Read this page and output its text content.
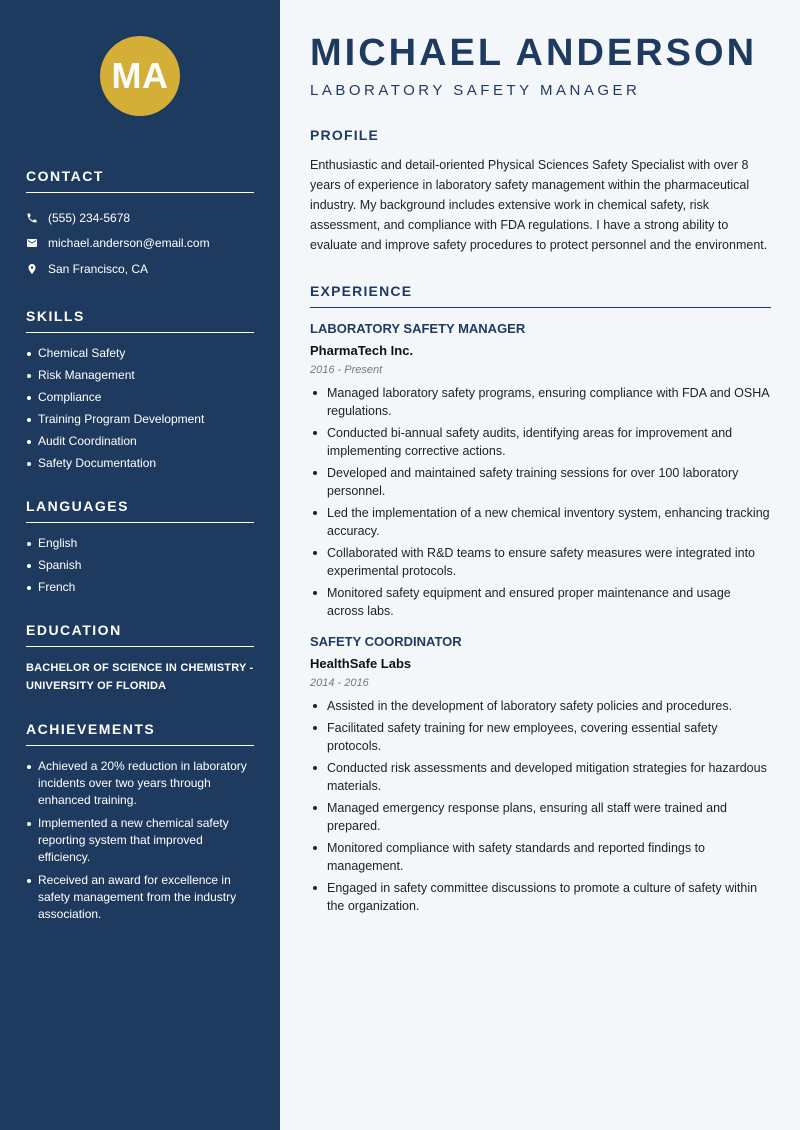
MA
CONTACT
(555) 234-5678
michael.anderson@email.com
San Francisco, CA
SKILLS
Chemical Safety
Risk Management
Compliance
Training Program Development
Audit Coordination
Safety Documentation
LANGUAGES
English
Spanish
French
EDUCATION
BACHELOR OF SCIENCE IN CHEMISTRY - UNIVERSITY OF FLORIDA
ACHIEVEMENTS
Achieved a 20% reduction in laboratory incidents over two years through enhanced training.
Implemented a new chemical safety reporting system that improved efficiency.
Received an award for excellence in safety management from the industry association.
MICHAEL ANDERSON
LABORATORY SAFETY MANAGER
PROFILE

Enthusiastic and detail-oriented Physical Sciences Safety Specialist with over 8 years of experience in laboratory safety management within the pharmaceutical industry. My background includes extensive work in chemical safety, risk assessment, and compliance with FDA regulations. I have a strong ability to evaluate and improve safety procedures to protect personnel and the environment.

EXPERIENCE
LABORATORY SAFETY MANAGER
PharmaTech Inc.
2016 - Present
Managed laboratory safety programs, ensuring compliance with FDA and OSHA regulations.
Conducted bi-annual safety audits, identifying areas for improvement and implementing corrective actions.
Developed and maintained safety training sessions for over 100 laboratory personnel.
Led the implementation of a new chemical inventory system, enhancing tracking accuracy.
Collaborated with R&D teams to ensure safety measures were integrated into experimental protocols.
Monitored safety equipment and ensured proper maintenance and usage across labs.
SAFETY COORDINATOR
HealthSafe Labs
2014 - 2016
Assisted in the development of laboratory safety policies and procedures.
Facilitated safety training for new employees, covering essential safety protocols.
Conducted risk assessments and developed mitigation strategies for hazardous materials.
Managed emergency response plans, ensuring all staff were trained and prepared.
Monitored compliance with safety standards and reported findings to management.
Engaged in safety committee discussions to promote a culture of safety within the organization.
